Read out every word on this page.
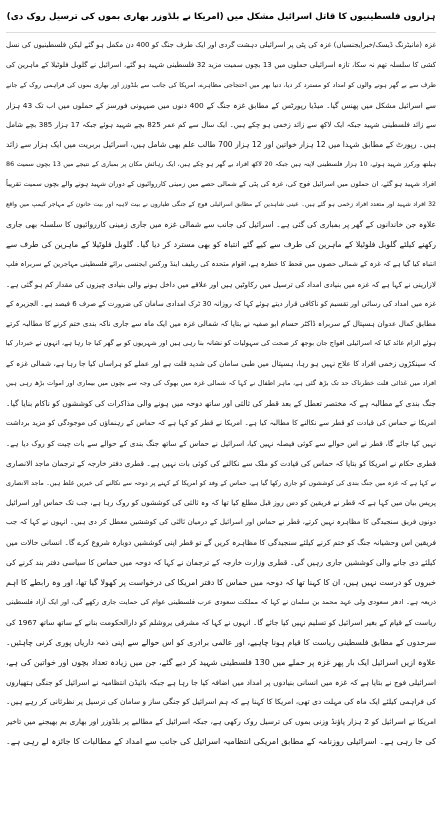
ہزاروں فلسطینیوں کا قاتل اسرائیل مشکل میں (امریکا نے بلڈوزر بھاری بموں کی ترسیل روک دی)
غزہ (مانیٹرنگ ڈیسک/خبرایجنسیاں) غزہ کی پٹی پر اسرائیلی دہشت گردی اور ایک طرف جنگ کو 400 دن مکمل ہو گئے لیکن فلسطینیوں کی نسل
کشی کا سلسلہ تھم نہ سکا، تازہ اسرائیلی حملوں میں 13 بچوں سمیت مزید 32 فلسطینی شہید ہو گئے، اسرائیل نے گلوبل فلوٹیلا کے ماہرین کی
طرف سے بے گھر ہونے والوں کو امداد کو مسترد کر دیا، دنیا بھر میں احتجاجی مظاہرے، امریکا کی جانب سے بلڈوزر اور بھاری بموں کی فراہمی روک کے جانے
سے اسرائیل مشکل میں پھنس گیا۔ میڈیا رپورٹس کے مطابق غزہ جنگ کے 400 دنوں میں صیہونی فورسز کے حملوں میں اب تک 43 ہزار
سے زائد فلسطینی شہید جبکہ ایک لاکھ سے زائد زخمی ہو چکے ہیں۔ ایک سال سے کم عمر 825 بچے شہید ہوئے جبکہ 17 ہزار 385 بچے شامل
ہیں۔ رپورٹ کے مطابق شہدا میں 12 ہزار خواتین اور 12 ہزار 700 طالب علم بھی شامل ہیں، اسرائیل بربریت میں ایک ہزار سے زائد
ہیلتھ ورکرز شہید ہوئے، 10 ہزار فلسطینی لاپتہ ہیں جبکہ 20 لاکھ افراد بے گھر ہو چکے ہیں، ایک رہائش مکان پر بمباری کے نتیجے میں 13 بچوں سمیت 86
افراد شہید ہو گئے، ان حملوں میں اسرائیل فوج کی، غزہ کی پٹی کے شمالی حصے میں زمینی کارروائیوں کے دوران شہید ہونے والے بچوں سمیت تقریباً
32 افراد شہید اور متعدد افراد زخمی ہو گئے ہیں۔ عینی شاہدین کے مطابق اسرائیلی فوج کے جنگی طیاروں نے بیت لاہیہ اور بیت حانون کے مہاجر کیمپ میں واقع
علاوہ جن خاندانوں کے گھر پر بمباری کی گئی ہے۔ اسرائیل کی جانب سے شمالی غزہ میں جاری زمینی کارروائیوں کا سلسلہ بھی جاری
رکھنے کیلئے گلوبل فلوٹیلا کے ماہرین کی طرف سے کیے گئے انتباہ کو بھی مسترد کر دیا گیا۔ گلوبل فلوٹیلا کے ماہرین کی طرف سے
انتباہ کیا گیا ہے کہ غزہ کے شمالی حصوں میں قحط کا خطرہ ہے، اقوام متحدہ کی ریلیف اینڈ ورکس ایجنسی برائے فلسطینی مہاجرین کے سربراہ فلپ
لازارینی نے کہا ہے کہ غزہ میں بنیادی امداد کی ترسیل میں رکاوٹیں ہیں اور علاقے میں داخل ہونے والی بنیادی چیزوں کی مقدار کم ہو گئی ہے۔
غزہ میں امداد کی رسائی اور تقسیم کو ناکافی قرار دیتے ہوئے کہا کہ روزانہ 30 ٹرک امدادی سامان کی ضرورت کے صرف 6 فیصد ہے۔ الجزیرہ کے
مطابق کمال عدوان ہسپتال کے سربراہ ڈاکٹر حسام ابو صفیہ نے بتایا کہ شمالی غزہ میں ایک ماہ سے جاری ناکہ بندی ختم کرنے کا مطالبہ کرتے
ہوئے الزام عائد کیا کہ اسرائیلی افواج جان بوجھ کر صحت کی سہولیات کو نشانہ بنا رہی ہیں اور شہریوں کو بے گھر کیا جا رہا ہے، انہوں نے خبردار کیا
کہ سینکڑوں زخمی افراد کا علاج نہیں ہو رہا، ہسپتال میں طبی سامان کی شدید قلت ہے اور عملے کو ہراساں کیا جا رہا ہے، شمالی غزہ کے
افراد میں غذائی قلت خطرناک حد تک بڑھ گئی ہے، ماہر اطفال نے کہا کہ شمالی غزہ میں بھوک کی وجہ سے بچوں میں بیماری اور اموات بڑھ رہی ہیں
جنگ بندی کے مطالبہ ہے کہ مختصر تعطل کے بعد قطر کی ثالثی اور ساتھ دوحہ میں ہونے والی مذاکرات کی کوششوں کو ناکام بنایا گیا۔
امریکا نے حماس کی قیادت کو قطر سے نکالنے کا مطالبہ کیا ہے۔ امریکا نے قطر کو کہا ہے کہ حماس کے رہنماؤں کی موجودگی کو مزید برداشت
نہیں کیا جائے گا، قطر نے اس حوالے سے کوئی فیصلہ نہیں کیا، اسرائیل نے حماس کے ساتھ جنگ بندی کے حوالے سے بات چیت کو روک دیا ہے۔
قطری حکام نے امریکا کو بتایا کہ حماس کی قیادت کو ملک سے نکالنے کی کوئی بات نہیں ہے۔ قطری دفتر خارجہ کے ترجمان ماجد الانصاری
نے کہا ہے کہ غزہ میں جنگ بندی کی کوششوں کو جاری رکھا گیا ہے، حماس کے وفد کو امریکا کے کہنے پر دوحہ سے نکالنے کی خبریں غلط ہیں۔ ماجد الانصاری
پریس بیان میں کہا ہے کہ قطر نے فریقین کو دس روز قبل مطلع کیا تھا کہ وہ ثالثی کی کوششوں کو روک رہا ہے، جب تک حماس اور اسرائیل
دونوں فریق سنجیدگی کا مظاہرہ نہیں کرتے، قطر نے حماس اور اسرائیل کے درمیان ثالثی کی کوششیں معطل کر دی ہیں۔ انہوں نے کہا کہ جب
فریقین اس وحشیانہ جنگ کو ختم کرنے کیلئے سنجیدگی کا مظاہرہ کریں گے تو قطر اپنی کوششیں دوبارہ شروع کرے گا۔ انسانی حالات میں
کیلئے دی جانے والی کوششیں جاری رہیں گی۔ قطری وزارت خارجہ کے ترجمان نے کہا کہ دوحہ میں حماس کا سیاسی دفتر بند کرنے کی
خبروں کو درست نہیں ہیں، ان کا کہنا تھا کہ دوحہ میں حماس کا دفتر امریکا کی درخواست پر کھولا گیا تھا، اور وہ رابطے کا اہم
ذریعہ ہے۔ ادھر سعودی ولی عہد محمد بن سلمان نے کہا کہ مملکت سعودی عرب فلسطینی عوام کی حمایت جاری رکھے گی، اور ایک آزاد فلسطینی
ریاست کے قیام کے بغیر اسرائیل کو تسلیم نہیں کیا جائے گا۔ انہوں نے کہا کہ مشرقی یروشلم کو دارالحکومت بنانے کے ساتھ ساتھ 1967 کی
سرحدوں کے مطابق فلسطینی ریاست کا قیام ہونا چاہیے، اور عالمی برادری کو اس حوالے سے اپنی ذمہ داریاں پوری کرنی چاہئیں۔
علاوہ ازیں اسرائیل ایک بار پھر غزہ پر حملے میں 130 فلسطینی شہید کر دیے گئے، جن میں زیادہ تعداد بچوں اور خواتین کی ہے،
اسرائیلی فوج نے بتایا ہے کہ غزہ میں انسانی بنیادوں پر امداد میں اضافہ کیا جا رہا ہے جبکہ بائیڈن انتظامیہ نے اسرائیل کو جنگی ہتھیاروں
کی فراہمی کیلئے ایک ماہ کی مہلت دی تھی، امریکا کا کہنا ہے کہ ہم اسرائیل کو جنگی ساز و سامان کی ترسیل پر نظرثانی کر رہے ہیں۔
امریکا نے اسرائیل کو 2 ہزار پاؤنڈ وزنی بموں کی ترسیل روک رکھی ہے، جبکہ اسرائیل کے مطالبے پر بلڈوزر اور بھاری بم بھیجنے میں تاخیر
کی جا رہی ہے۔ اسرائیلی روزنامہ کے مطابق امریکی انتظامیہ اسرائیل کی جانب سے امداد کے مطالبات کا جائزہ لے رہی ہے۔
